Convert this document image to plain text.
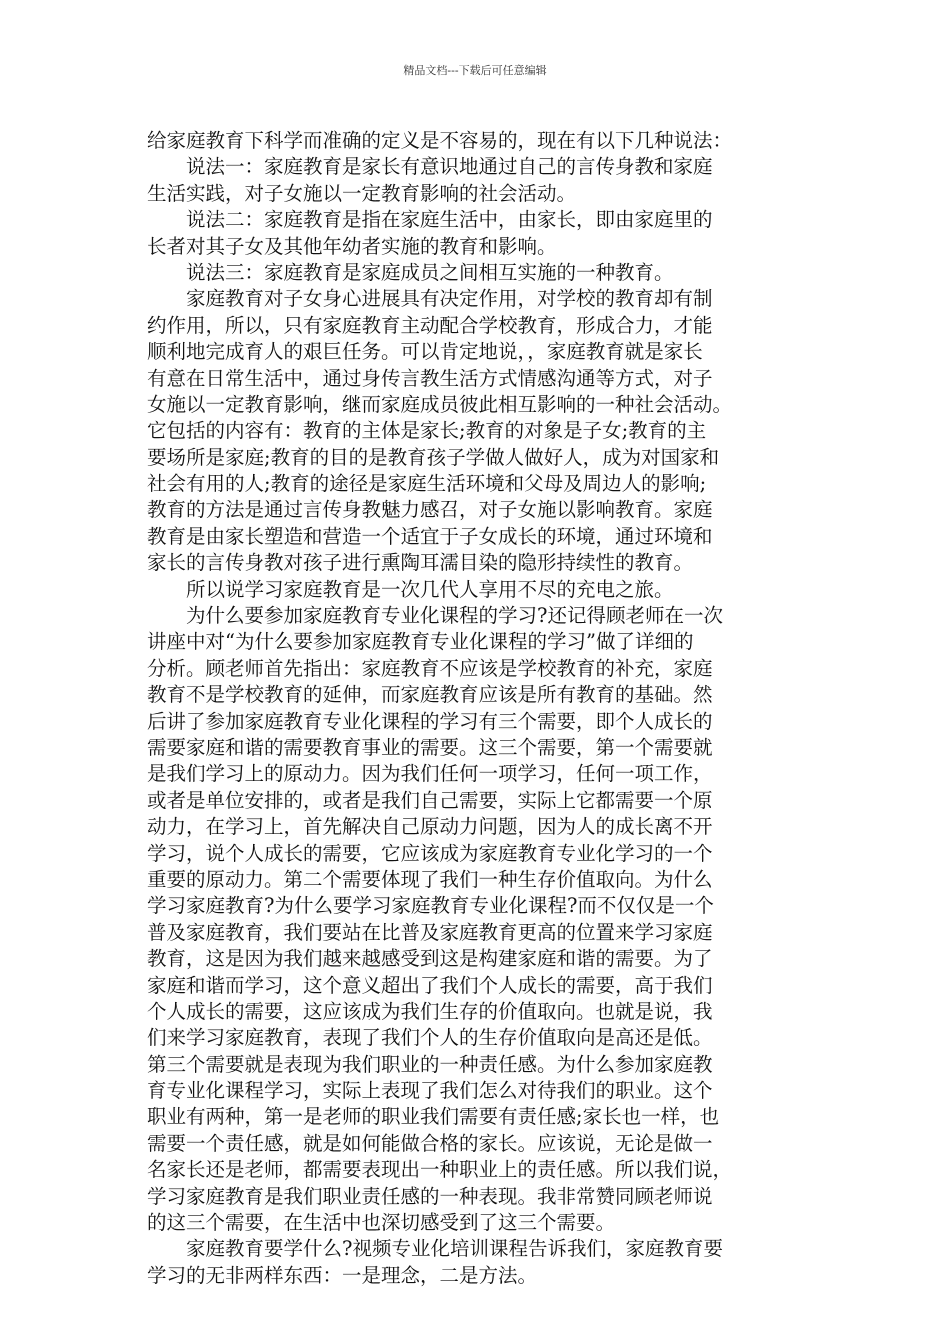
精品文档---下载后可任意编辑
给家庭教育下科学而准确的定义是不容易的，现在有以下几种说法：
说法一：家庭教育是家长有意识地通过自己的言传身教和家庭
生活实践，对子女施以一定教育影响的社会活动。
说法二：家庭教育是指在家庭生活中，由家长，即由家庭里的
长者对其子女及其他年幼者实施的教育和影响。
说法三：家庭教育是家庭成员之间相互实施的一种教育。
家庭教育对子女身心进展具有决定作用，对学校的教育却有制
约作用，所以，只有家庭教育主动配合学校教育，形成合力，才能
顺利地完成育人的艰巨任务。可以肯定地说，，家庭教育就是家长
有意在日常生活中，通过身传言教生活方式情感沟通等方式，对子
女施以一定教育影响，继而家庭成员彼此相互影响的一种社会活动。
它包括的内容有：教育的主体是家长;教育的对象是子女;教育的主
要场所是家庭;教育的目的是教育孩子学做人做好人，成为对国家和
社会有用的人;教育的途径是家庭生活环境和父母及周边人的影响;
教育的方法是通过言传身教魅力感召，对子女施以影响教育。家庭
教育是由家长塑造和营造一个适宜于子女成长的环境，通过环境和
家长的言传身教对孩子进行熏陶耳濡目染的隐形持续性的教育。
所以说学习家庭教育是一次几代人享用不尽的充电之旅。
为什么要参加家庭教育专业化课程的学习?还记得顾老师在一次
讲座中对“为什么要参加家庭教育专业化课程的学习”做了详细的
分析。顾老师首先指出：家庭教育不应该是学校教育的补充，家庭
教育不是学校教育的延伸，而家庭教育应该是所有教育的基础。然
后讲了参加家庭教育专业化课程的学习有三个需要，即个人成长的
需要家庭和谐的需要教育事业的需要。这三个需要，第一个需要就
是我们学习上的原动力。因为我们任何一项学习，任何一项工作，
或者是单位安排的，或者是我们自己需要，实际上它都需要一个原
动力，在学习上，首先解决自己原动力问题，因为人的成长离不开
学习，说个人成长的需要，它应该成为家庭教育专业化学习的一个
重要的原动力。第二个需要体现了我们一种生存价值取向。为什么
学习家庭教育?为什么要学习家庭教育专业化课程?而不仅仅是一个
普及家庭教育，我们要站在比普及家庭教育更高的位置来学习家庭
教育，这是因为我们越来越感受到这是构建家庭和谐的需要。为了
家庭和谐而学习，这个意义超出了我们个人成长的需要，高于我们
个人成长的需要，这应该成为我们生存的价值取向。也就是说，我
们来学习家庭教育，表现了我们个人的生存价值取向是高还是低。
第三个需要就是表现为我们职业的一种责任感。为什么参加家庭教
育专业化课程学习，实际上表现了我们怎么对待我们的职业。这个
职业有两种，第一是老师的职业我们需要有责任感;家长也一样，也
需要一个责任感，就是如何能做合格的家长。应该说，无论是做一
名家长还是老师，都需要表现出一种职业上的责任感。所以我们说，
学习家庭教育是我们职业责任感的一种表现。我非常赞同顾老师说
的这三个需要，在生活中也深切感受到了这三个需要。
家庭教育要学什么?视频专业化培训课程告诉我们，家庭教育要
学习的无非两样东西：一是理念，二是方法。
